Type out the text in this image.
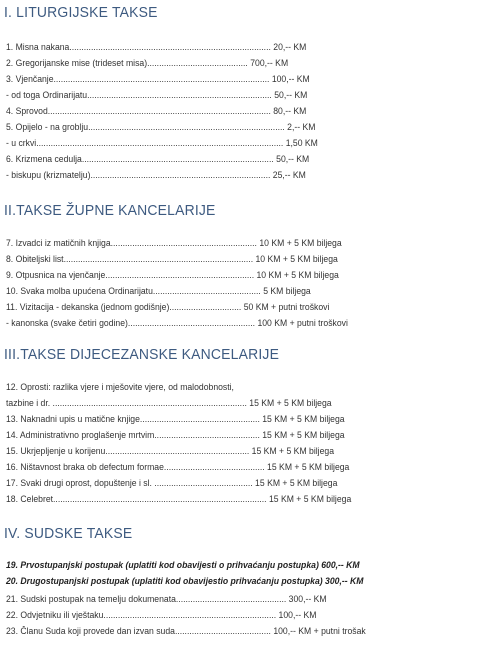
I. LITURGIJSKE TAKSE
1. Misna nakana.................................................................................... 20,-- KM
2. Gregorijanske mise (trideset misa).......................................... 700,-- KM
3. Vjenčanje.......................................................................................... 100,-- KM
- od toga Ordinarijatu............................................................................. 50,-- KM
4. Sprovod............................................................................................. 80,-- KM
5. Opijelo - na groblju.................................................................................. 2,-- KM
- u crkvi....................................................................................................... 1,50 KM
6. Krizmena cedulja................................................................................ 50,-- KM
- biskupu (krizmatelju)........................................................................... 25,-- KM
II.TAKSE ŽUPNE KANCELARIJE
7. Izvadci iz matičnih knjiga............................................................. 10 KM + 5 KM biljega
8. Obiteljski list............................................................................... 10 KM + 5 KM biljega
9. Otpusnica na vjenčanje.............................................................. 10 KM + 5 KM biljega
10. Svaka molba upućena Ordinarijatu............................................. 5 KM biljega
11. Vizitacija - dekanska (jednom godišnje).............................. 50 KM + putni troškovi
- kanonska (svake četiri godine)..................................................... 100 KM + putni troškovi
III.TAKSE DIJECEZANSKE KANCELARIJE
12. Oprosti: razlika vjere i mješovite vjere, od malodobnosti,
tazbine i dr. ................................................................................. 15 KM + 5 KM biljega
13. Naknadni upis u matične knjige.................................................. 15 KM + 5 KM biljega
14. Administrativno proglašenje mrtvim............................................ 15 KM + 5 KM biljega
15. Ukrjepljenje u korijenu............................................................ 15 KM + 5 KM biljega
16. Ništavnost braka ob defectum formae.......................................... 15 KM + 5 KM biljega
17. Svaki drugi oprost, dopuštenje i sl. ......................................... 15 KM + 5 KM biljega
18. Celebret......................................................................................... 15 KM + 5 KM biljega
IV. SUDSKE TAKSE
19. Prvostupanjski postupak (uplatiti kod obavijesti o prihvaćanju postupka) 600,-- KM
20. Drugostupanjski postupak (uplatiti kod obavijestio prihvaćanju postupka) 300,-- KM
21. Sudski postupak na temelju dokumenata.............................................. 300,-- KM
22. Odvjetniku ili vještaku........................................................................ 100,-- KM
23. Članu Suda koji provede dan izvan suda........................................ 100,-- KM + putni trošak
